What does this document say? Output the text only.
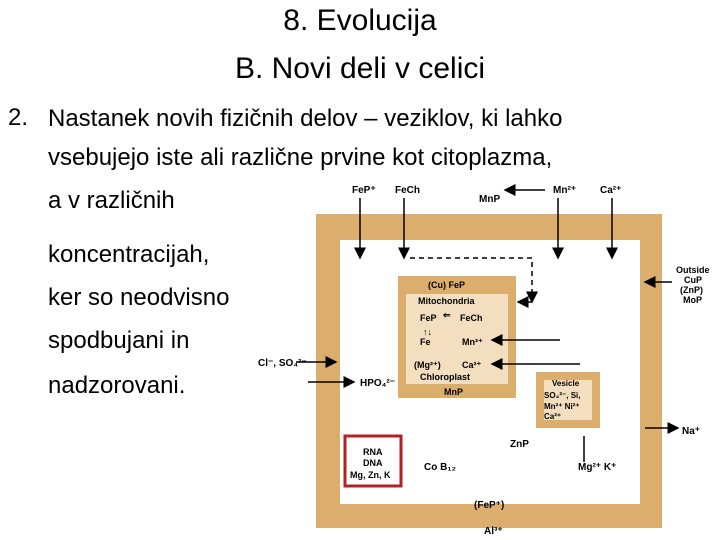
8. Evolucija
B. Novi deli v celici
2. Nastanek novih fizičnih delov – veziklov, ki lahko
vsebujejo iste ali različne prvine kot citoplazma,
a v različnih
koncentracijah,
ker so neodvisno
spodbujani in
nadzorovani.
FeP⁺ FeCh
MnP
Mn²⁺ Ca²⁺
Outside
CuP
(ZnP)
MoP
Cl⁻, SO₄²⁻
HPO₄²⁻
(Cu) FeP
Mitochondria
FeP	FeCh
⇐
↑↓
Fe	Mn²⁺
(Mg²⁺) Ca²⁺
Chloroplast
MnP
Vesicle
SO₄²⁻, Si,
Mn²⁺ Ni²⁺
Ca²⁺
Na⁺
ZnP
RNA
DNA
Mg, Zn, K
Co B₁₂	Mg²⁺ K⁺
(FeP⁺)
Al³⁺
